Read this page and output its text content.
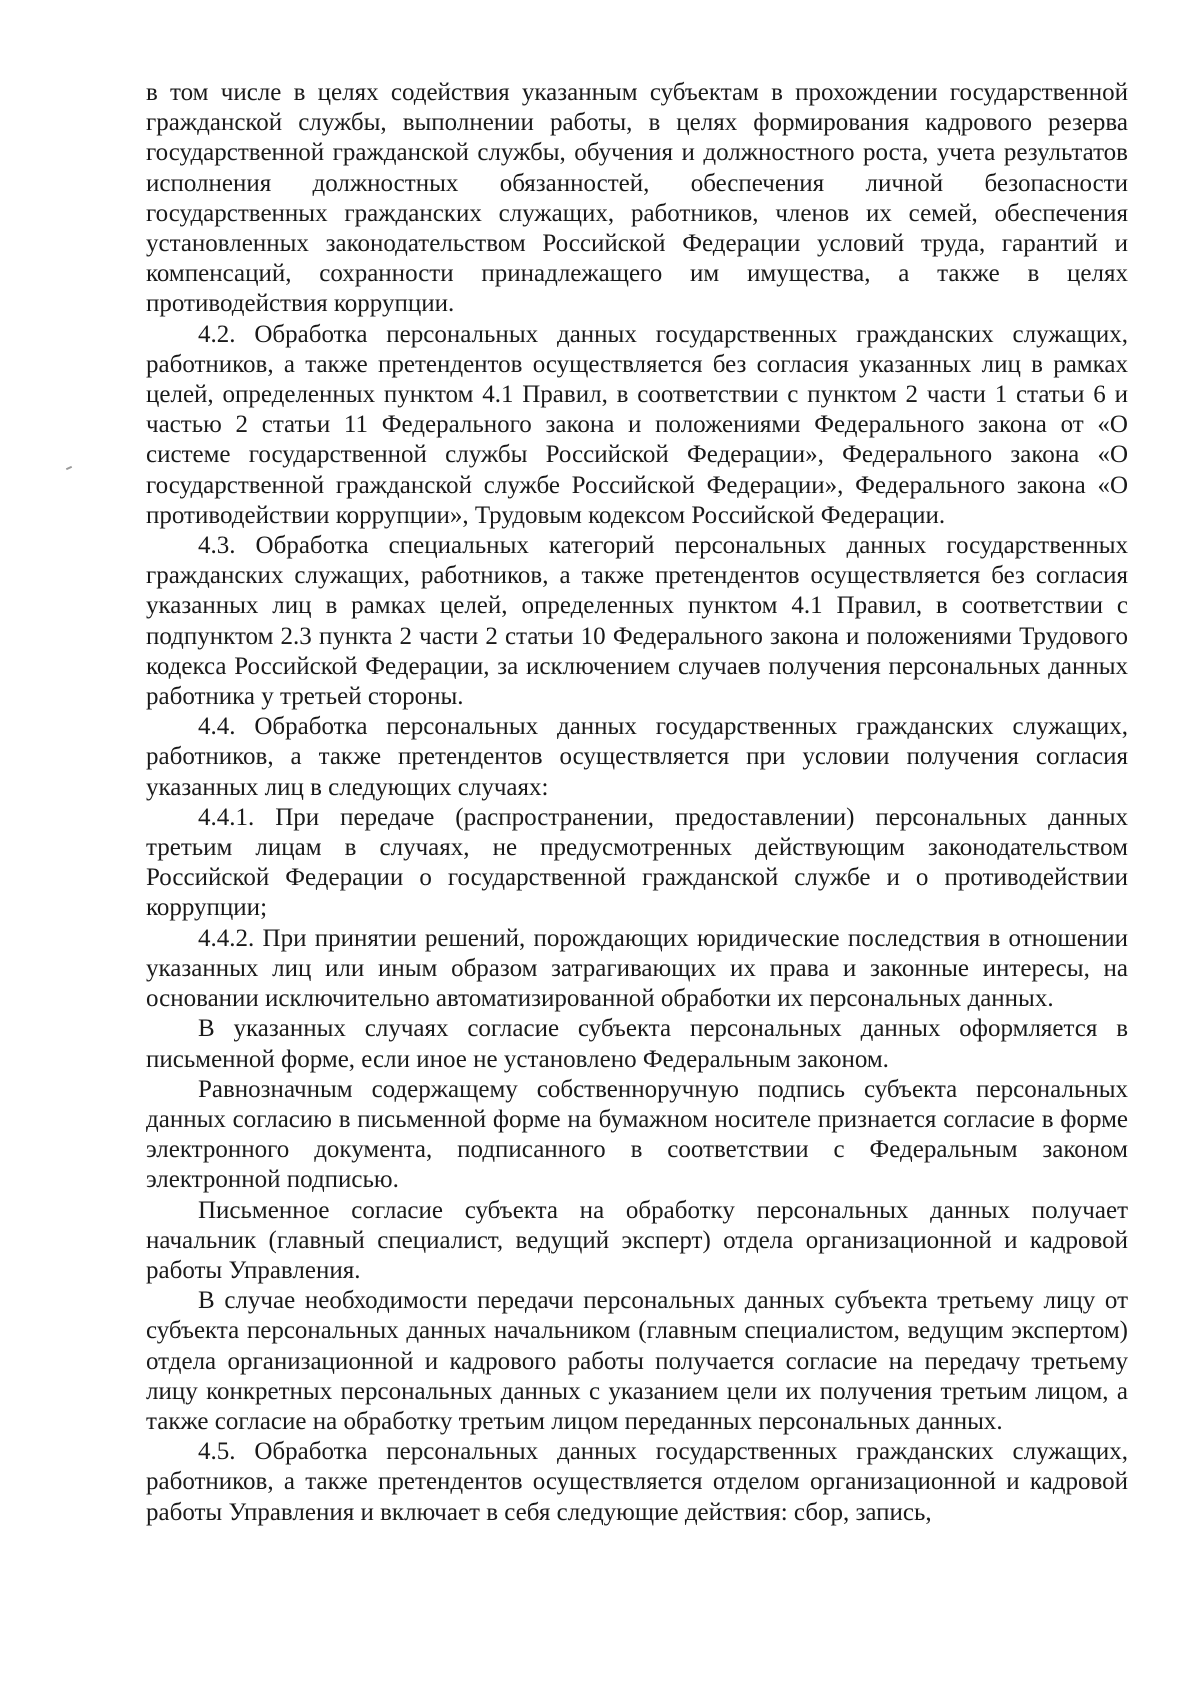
в том числе в целях содействия указанным субъектам в прохождении государственной гражданской службы, выполнении работы, в целях формирования кадрового резерва государственной гражданской службы, обучения и должностного роста, учета результатов исполнения должностных обязанностей, обеспечения личной безопасности государственных гражданских служащих, работников, членов их семей, обеспечения установленных законодательством Российской Федерации условий труда, гарантий и компенсаций, сохранности принадлежащего им имущества, а также в целях противодействия коррупции.

4.2. Обработка персональных данных государственных гражданских служащих, работников, а также претендентов осуществляется без согласия указанных лиц в рамках целей, определенных пунктом 4.1 Правил, в соответствии с пунктом 2 части 1 статьи 6 и частью 2 статьи 11 Федерального закона и положениями Федерального закона от «О системе государственной службы Российской Федерации», Федерального закона «О государственной гражданской службе Российской Федерации», Федерального закона «О противодействии коррупции», Трудовым кодексом Российской Федерации.

4.3. Обработка специальных категорий персональных данных государственных гражданских служащих, работников, а также претендентов осуществляется без согласия указанных лиц в рамках целей, определенных пунктом 4.1 Правил, в соответствии с подпунктом 2.3 пункта 2 части 2 статьи 10 Федерального закона и положениями Трудового кодекса Российской Федерации, за исключением случаев получения персональных данных работника у третьей стороны.

4.4. Обработка персональных данных государственных гражданских служащих, работников, а также претендентов осуществляется при условии получения согласия указанных лиц в следующих случаях:

4.4.1. При передаче (распространении, предоставлении) персональных данных третьим лицам в случаях, не предусмотренных действующим законодательством Российской Федерации о государственной гражданской службе и о противодействии коррупции;

4.4.2. При принятии решений, порождающих юридические последствия в отношении указанных лиц или иным образом затрагивающих их права и законные интересы, на основании исключительно автоматизированной обработки их персональных данных.

В указанных случаях согласие субъекта персональных данных оформляется в письменной форме, если иное не установлено Федеральным законом.

Равнозначным содержащему собственноручную подпись субъекта персональных данных согласию в письменной форме на бумажном носителе признается согласие в форме электронного документа, подписанного в соответствии с Федеральным законом электронной подписью.

Письменное согласие субъекта на обработку персональных данных получает начальник (главный специалист, ведущий эксперт) отдела организационной и кадровой работы Управления.

В случае необходимости передачи персональных данных субъекта третьему лицу от субъекта персональных данных начальником (главным специалистом, ведущим экспертом) отдела организационной и кадрового работы получается согласие на передачу третьему лицу конкретных персональных данных с указанием цели их получения третьим лицом, а также согласие на обработку третьим лицом переданных персональных данных.

4.5. Обработка персональных данных государственных гражданских служащих, работников, а также претендентов осуществляется отделом организационной и кадровой работы Управления и включает в себя следующие действия: сбор, запись,
